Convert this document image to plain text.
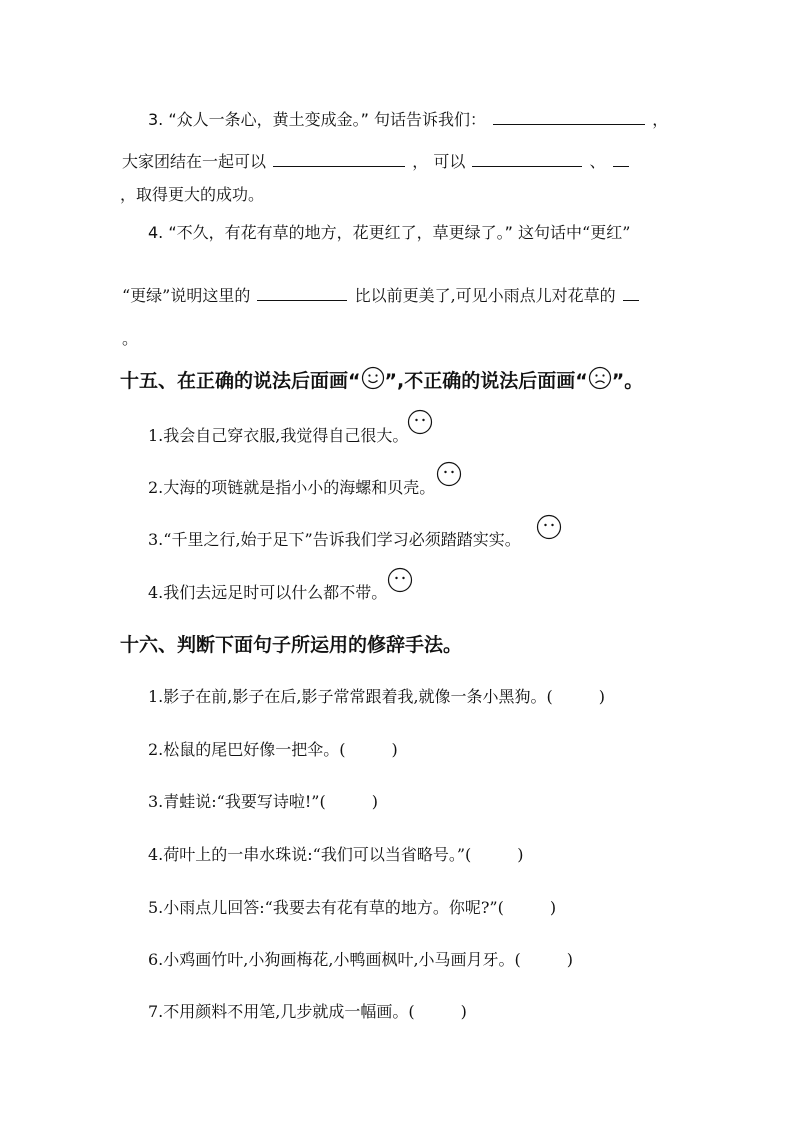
3. “众人一条心，黄土变成金。” 句话告诉我们：	，
大家团结在一起可以	， 可以	、
，取得更大的成功。
4. “不久，有花有草的地方，花更红了，草更绿了。” 这句话中“更红”
“更绿”说明这里的	比以前更美了,可见小雨点儿对花草的
。
十五、在正确的说法后面画“ ”,不正确的说法后面画“ ”。
1.我会自己穿衣服,我觉得自己很大。
2.大海的项链就是指小小的海螺和贝壳。
3.“千里之行,始于足下”告诉我们学习必须踏踏实实。
4.我们去远足时可以什么都不带。
十六、判断下面句子所运用的修辞手法。
1.影子在前,影子在后,影子常常跟着我,就像一条小黑狗。(	)
2.松鼠的尾巴好像一把伞。(	)
3.青蛙说:“我要写诗啦!”(	)
4.荷叶上的一串水珠说:“我们可以当省略号。”(	)
5.小雨点儿回答:“我要去有花有草的地方。你呢?”(	)
6.小鸡画竹叶,小狗画梅花,小鸭画枫叶,小马画月牙。(	)
7.不用颜料不用笔,几步就成一幅画。(	)
